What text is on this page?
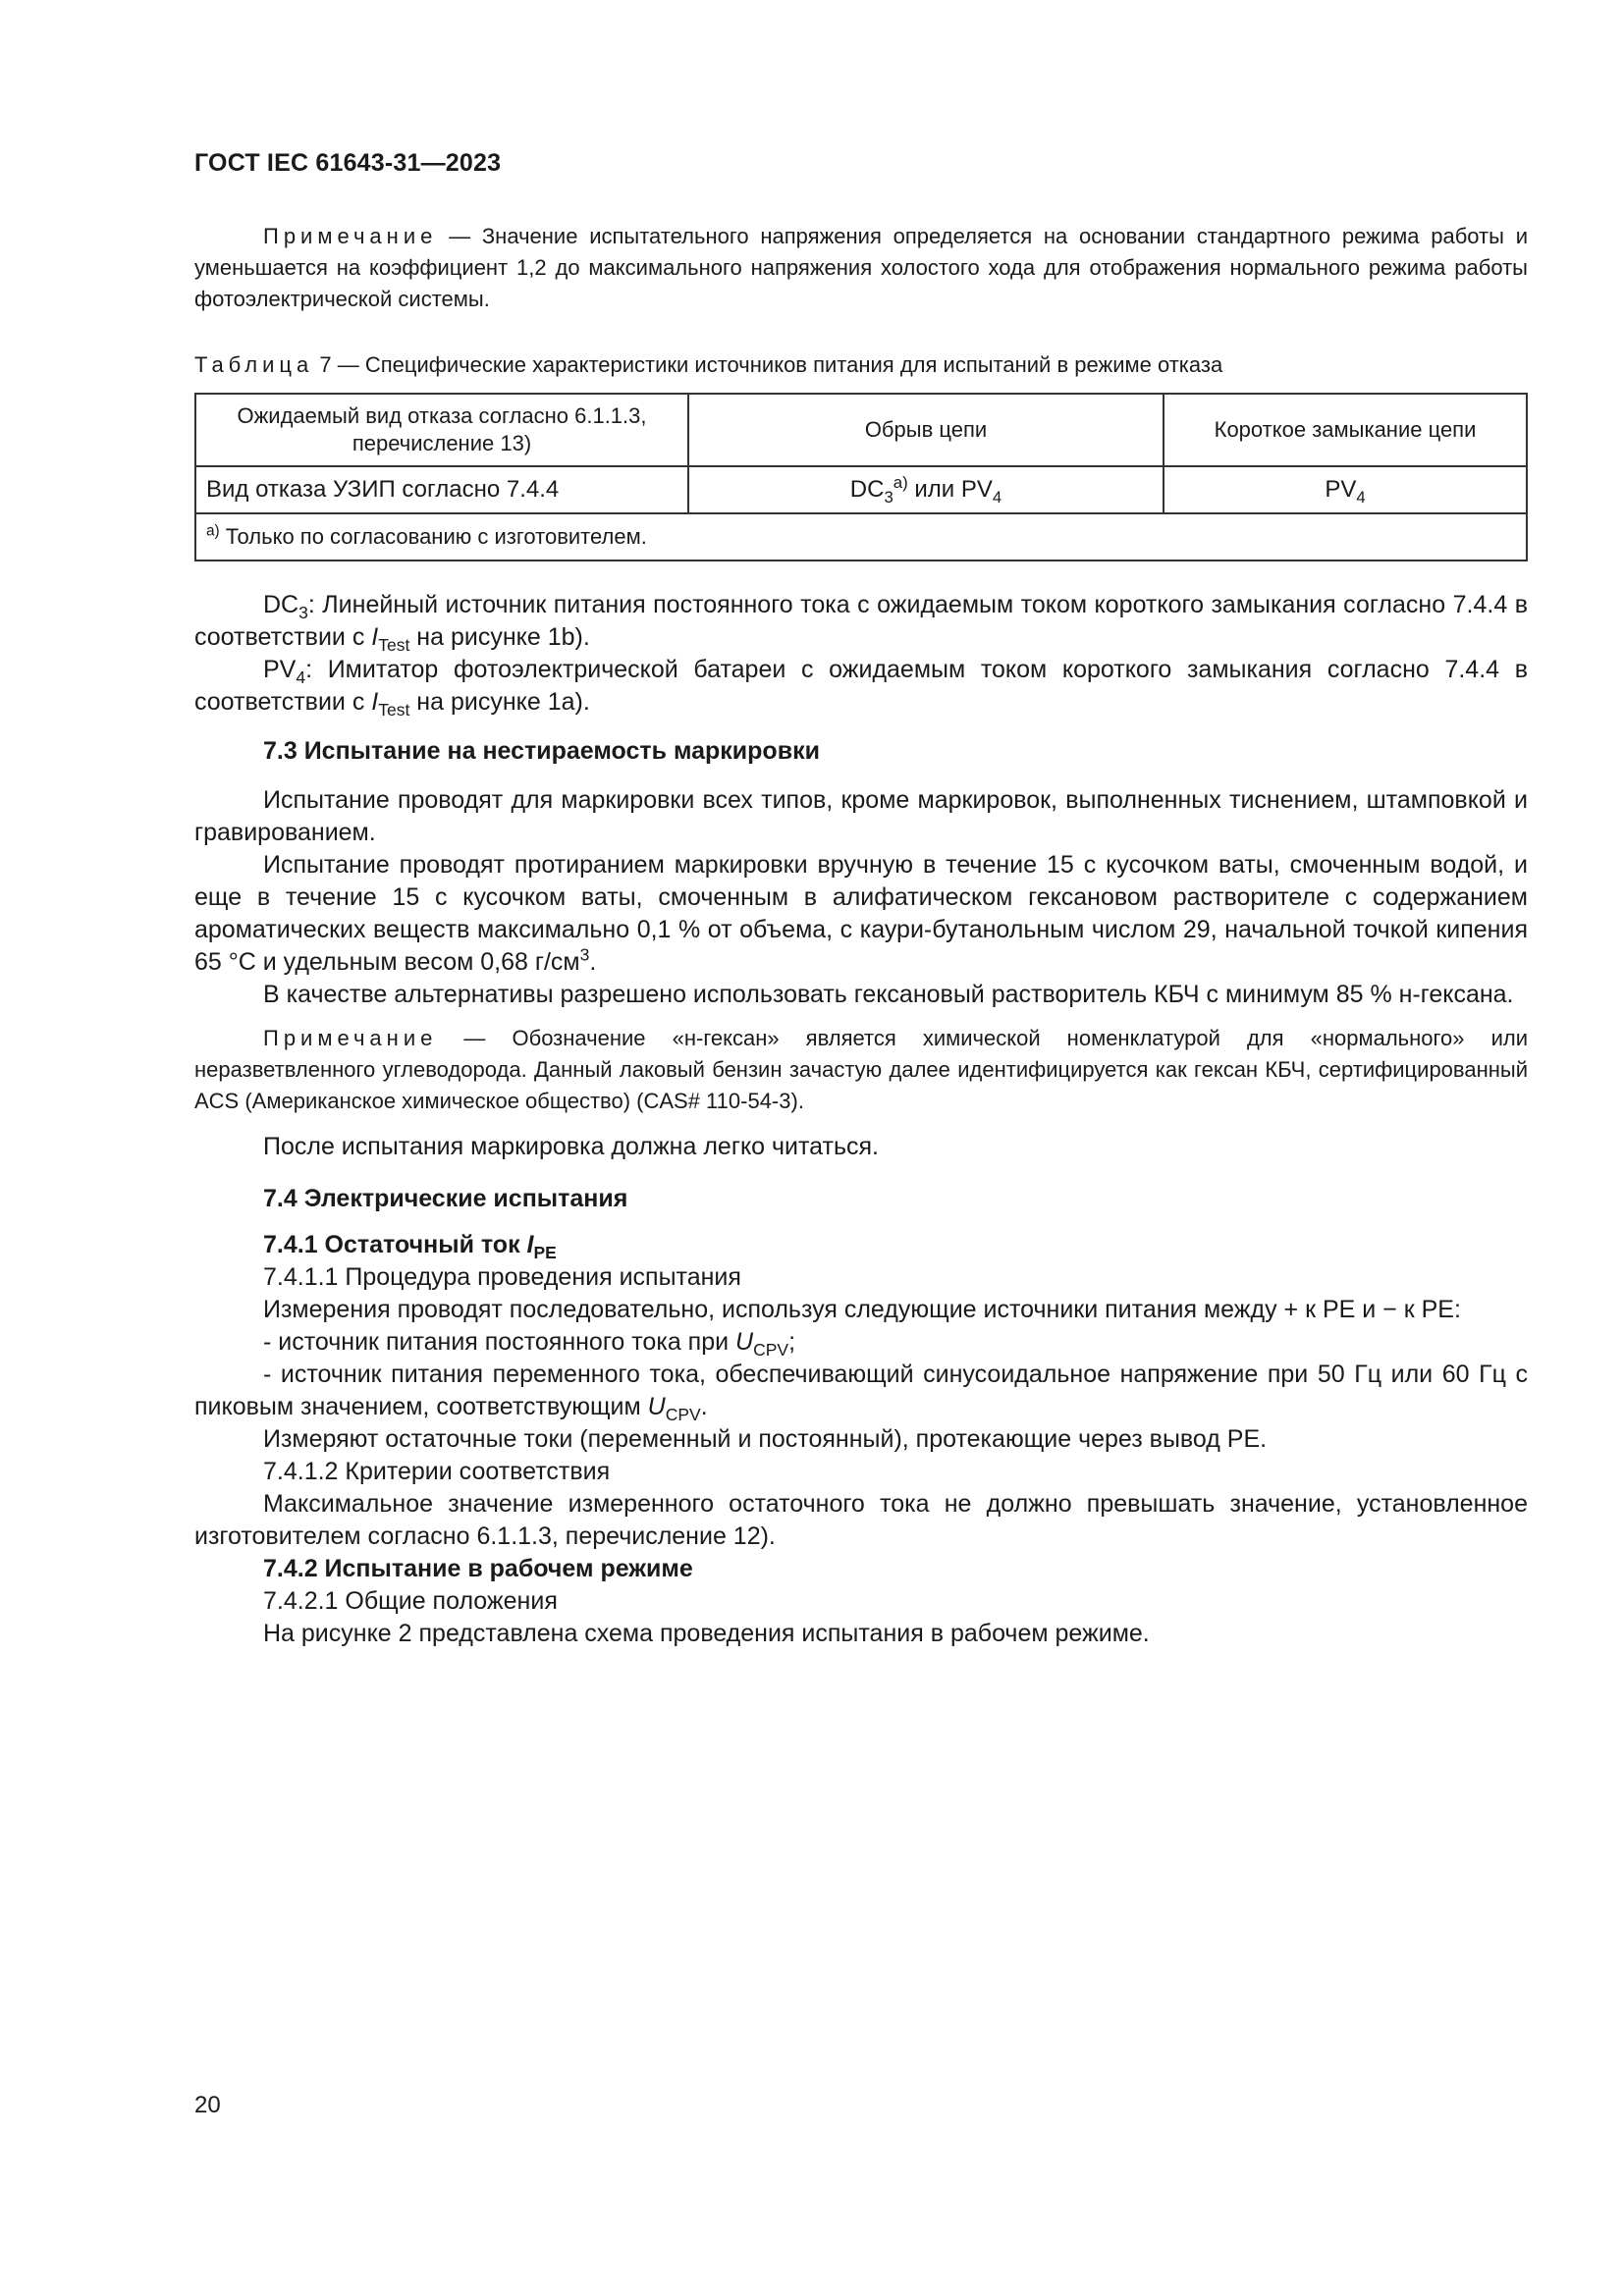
ГОСТ IEC 61643-31—2023

Примечание — Значение испытательного напряжения определяется на основании стандартного режима работы и уменьшается на коэффициент 1,2 до максимального напряжения холостого хода для отображения нормального режима работы фотоэлектрической системы.

Таблица 7 — Специфические характеристики источников питания для испытаний в режиме отказа

Ожидаемый вид отказа согласно 6.1.1.3, перечисление 13)	Обрыв цепи	Короткое замыкание цепи
Вид отказа УЗИП согласно 7.4.4	$DC_3^{a)}$ или $PV_4$	$PV_4$
$^{a)}$ Только по согласованию с изготовителем.		

$DC_3$: Линейный источник питания постоянного тока с ожидаемым током короткого замыкания согласно 7.4.4 в соответствии с $I_{Test}$ на рисунке 1b).

$PV_4$: Имитатор фотоэлектрической батареи с ожидаемым током короткого замыкания согласно 7.4.4 в соответствии с $I_{Test}$ на рисунке 1a).

7.3 Испытание на нестираемость маркировки

Испытание проводят для маркировки всех типов, кроме маркировок, выполненных тиснением, штамповкой и гравированием.

Испытание проводят протиранием маркировки вручную в течение 15 с кусочком ваты, смоченным водой, и еще в течение 15 с кусочком ваты, смоченным в алифатическом гексановом растворителе с содержанием ароматических веществ максимально 0,1 % от объема, с каури-бутанольным числом 29, начальной точкой кипения 65 °С и удельным весом 0,68 $г/см^3$.

В качестве альтернативы разрешено использовать гексановый растворитель КБЧ с минимум 85 % н-гексана.

Примечание — Обозначение «н-гексан» является химической номенклатурой для «нормального» или неразветвленного углеводорода. Данный лаковый бензин зачастую далее идентифицируется как гексан КБЧ, сертифицированный ACS (Американское химическое общество) (CAS# 110-54-3).

После испытания маркировка должна легко читаться.

7.4 Электрические испытания

7.4.1 Остаточный ток $I_{PE}$

7.4.1.1 Процедура проведения испытания

Измерения проводят последовательно, используя следующие источники питания между + к РЕ и − к РЕ:

- источник питания постоянного тока при $U_{CPV}$;

- источник питания переменного тока, обеспечивающий синусоидальное напряжение при 50 Гц или 60 Гц с пиковым значением, соответствующим $U_{CPV}$.

Измеряют остаточные токи (переменный и постоянный), протекающие через вывод РЕ.

7.4.1.2 Критерии соответствия

Максимальное значение измеренного остаточного тока не должно превышать значение, установленное изготовителем согласно 6.1.1.3, перечисление 12).

7.4.2 Испытание в рабочем режиме

7.4.2.1 Общие положения

На рисунке 2 представлена схема проведения испытания в рабочем режиме.

20
